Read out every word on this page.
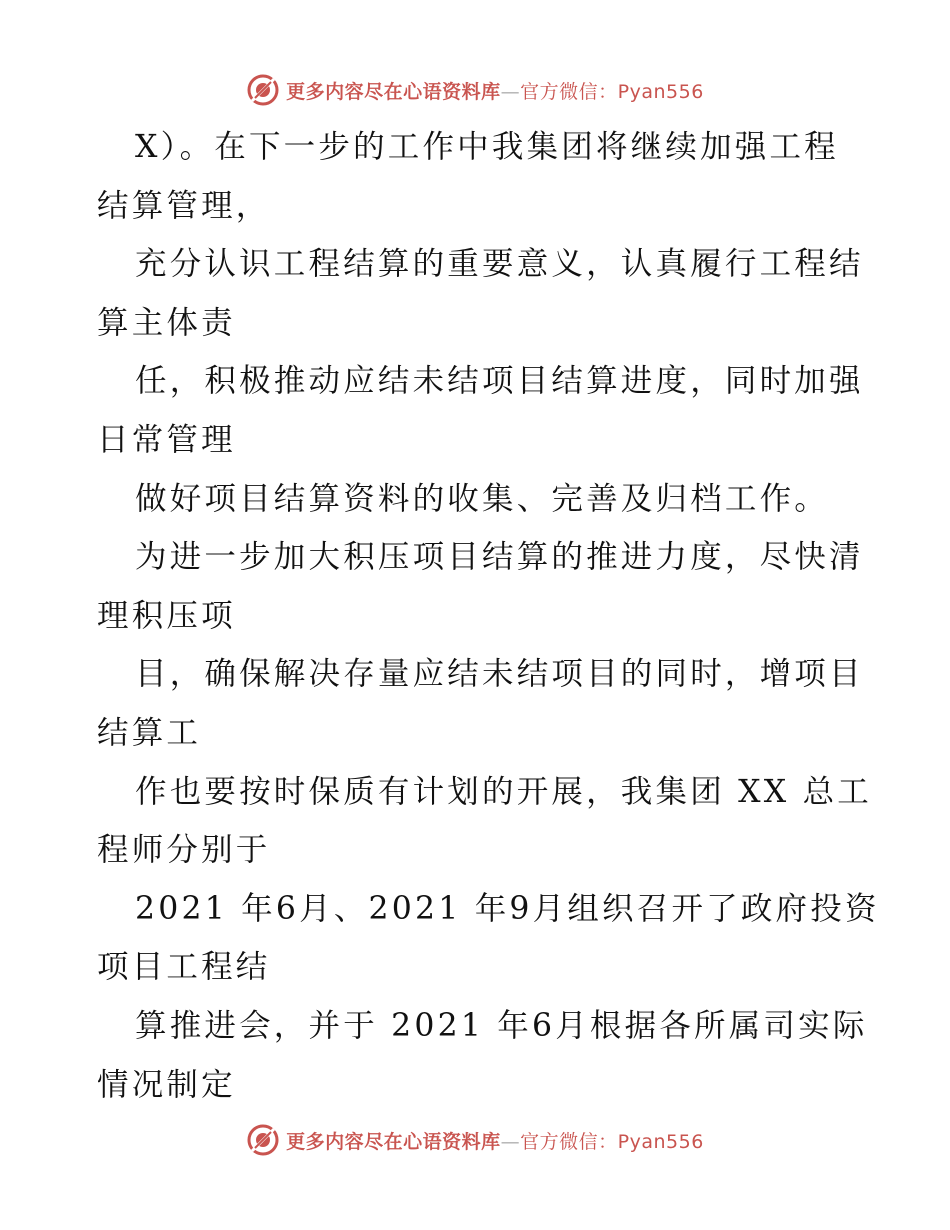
更多内容尽在心语资料库—官方微信：Pyan556
X）。在下一步的工作中我集团将继续加强工程
结算管理，
充分认识工程结算的重要意义，认真履行工程结
算主体责
任，积极推动应结未结项目结算进度，同时加强
日常管理
做好项目结算资料的收集、完善及归档工作。
为进一步加大积压项目结算的推进力度，尽快清
理积压项
目，确保解决存量应结未结项目的同时，增项目
结算工
作也要按时保质有计划的开展，我集团 XX 总工
程师分别于
2021 年6月、2021 年9月组织召开了政府投资
项目工程结
算推进会，并于 2021 年6月根据各所属司实际
情况制定
更多内容尽在心语资料库—官方微信：Pyan556
